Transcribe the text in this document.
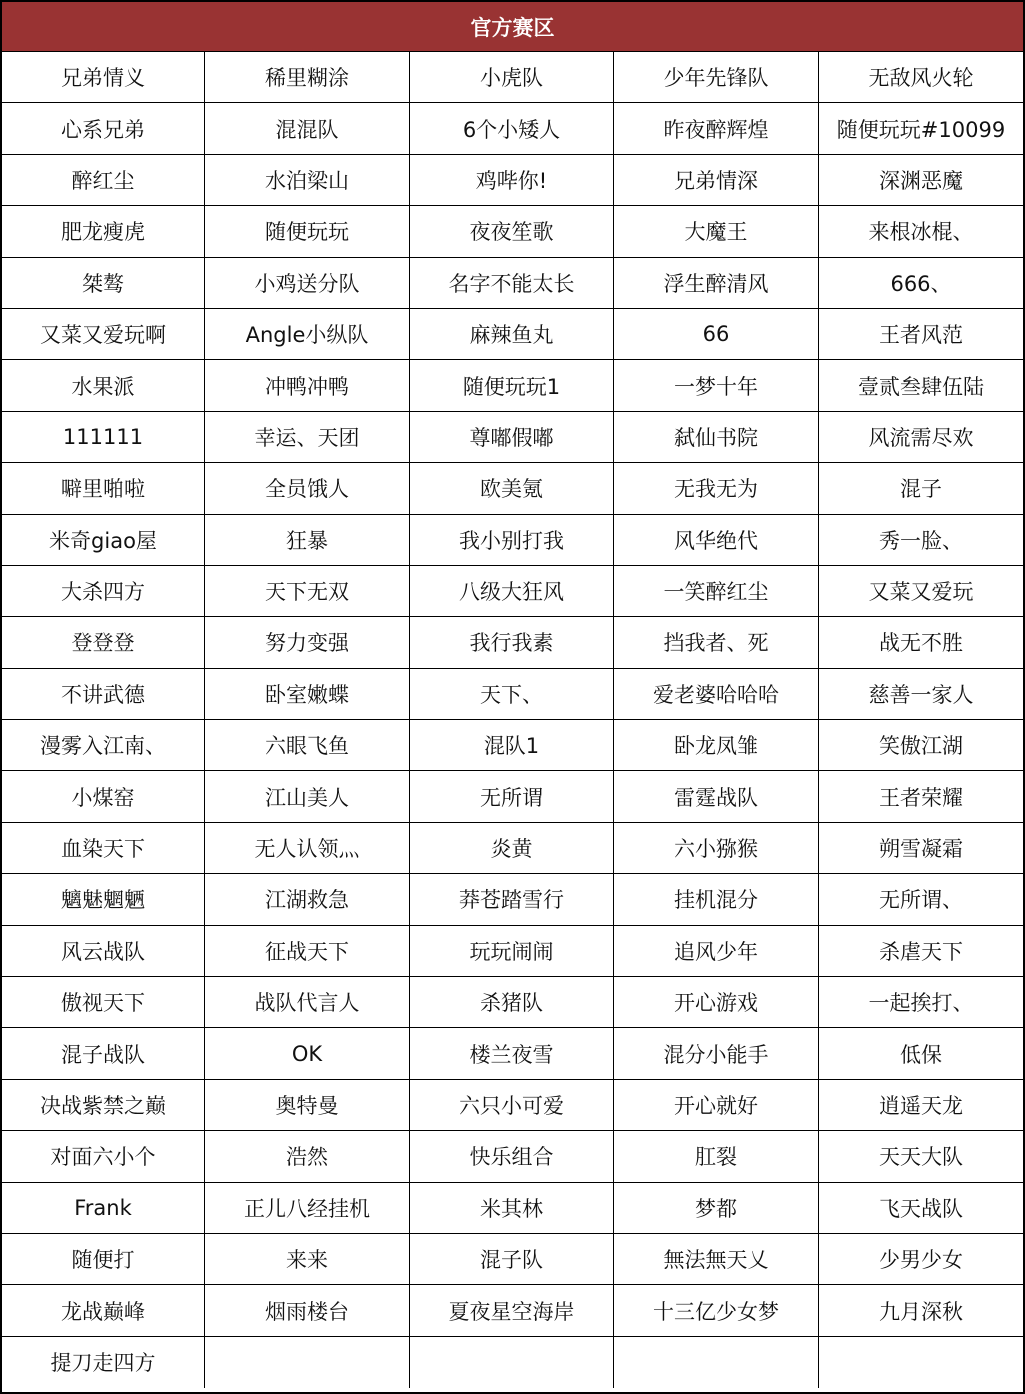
官方赛区
兄弟情义	稀里糊涂	小虎队	少年先锋队	无敌风火轮
心系兄弟	混混队	6个小矮人	昨夜醉辉煌	随便玩玩#10099
醉红尘	水泊梁山	鸡哔你!	兄弟情深	深渊恶魔
肥龙瘦虎	随便玩玩	夜夜笙歌	大魔王	来根冰棍、
桀骜	小鸡送分队	名字不能太长	浮生醉清风	666、
又菜又爱玩啊	Angle小纵队	麻辣鱼丸	66	王者风范
水果派	冲鸭冲鸭	随便玩玩1	一梦十年	壹贰叁肆伍陆
111111	幸运、天团	尊嘟假嘟	弑仙书院	风流需尽欢
噼里啪啦	全员饿人	欧美氪	无我无为	混子
米奇giao屋	狂暴	我小别打我	风华绝代	秀一脸、
大杀四方	天下无双	八级大狂风	一笑醉红尘	又菜又爱玩
登登登	努力变强	我行我素	挡我者、死	战无不胜
不讲武德	卧室嫩蝶	天下、	爱老婆哈哈哈	慈善一家人
漫雾入江南、	六眼飞鱼	混队1	卧龙凤雏	笑傲江湖
小煤窑	江山美人	无所谓	雷霆战队	王者荣耀
血染天下	无人认领灬	炎黄	六小猕猴	朔雪凝霜
魑魅魍魉	江湖救急	莽苍踏雪行	挂机混分	无所谓、
风云战队	征战天下	玩玩闹闹	追风少年	杀虐天下
傲视天下	战队代言人	杀猪队	开心游戏	一起挨打、
混子战队	OK	楼兰夜雪	混分小能手	低保
决战紫禁之巅	奥特曼	六只小可爱	开心就好	逍遥天龙
对面六小个	浩然	快乐组合	肛裂	天天大队
Frank	正儿八经挂机	米其林	梦都	飞天战队
随便打	来来	混子队	無法無天乂	少男少女
龙战巅峰	烟雨楼台	夏夜星空海岸	十三亿少女梦	九月深秋
提刀走四方
